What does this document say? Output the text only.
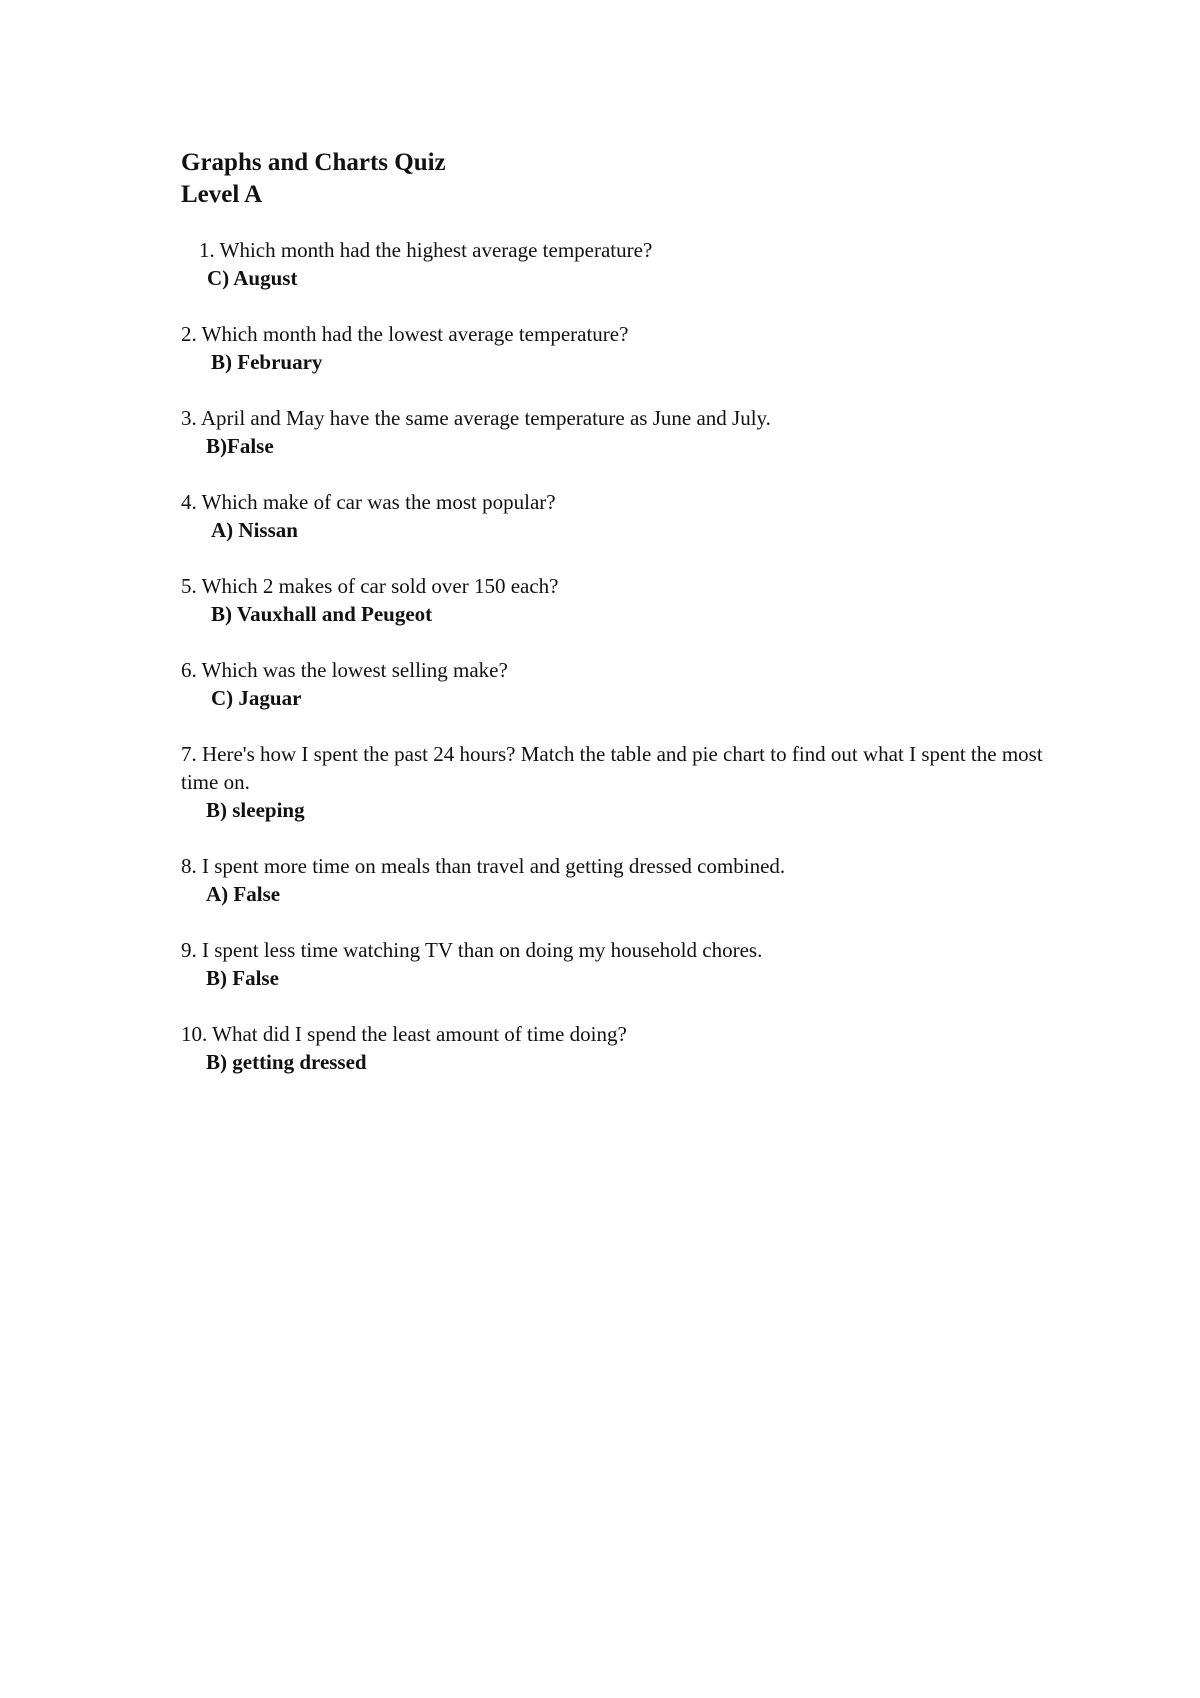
Graphs and Charts Quiz
Level A
1. Which month had the highest average temperature?
C) August
2. Which month had the lowest average temperature?
B) February
3. April and May have the same average temperature as June and July.
B)False
4. Which make of car was the most popular?
A) Nissan
5. Which 2 makes of car sold over 150 each?
B) Vauxhall and Peugeot
6. Which was the lowest selling make?
C) Jaguar
7. Here's how I spent the past 24 hours? Match the table and pie chart to find out what I spent the most time on.
B) sleeping
8. I spent more time on meals than travel and getting dressed combined.
A) False
9. I spent less time watching TV than on doing my household chores.
B) False
10. What did I spend the least amount of time doing?
B) getting dressed
